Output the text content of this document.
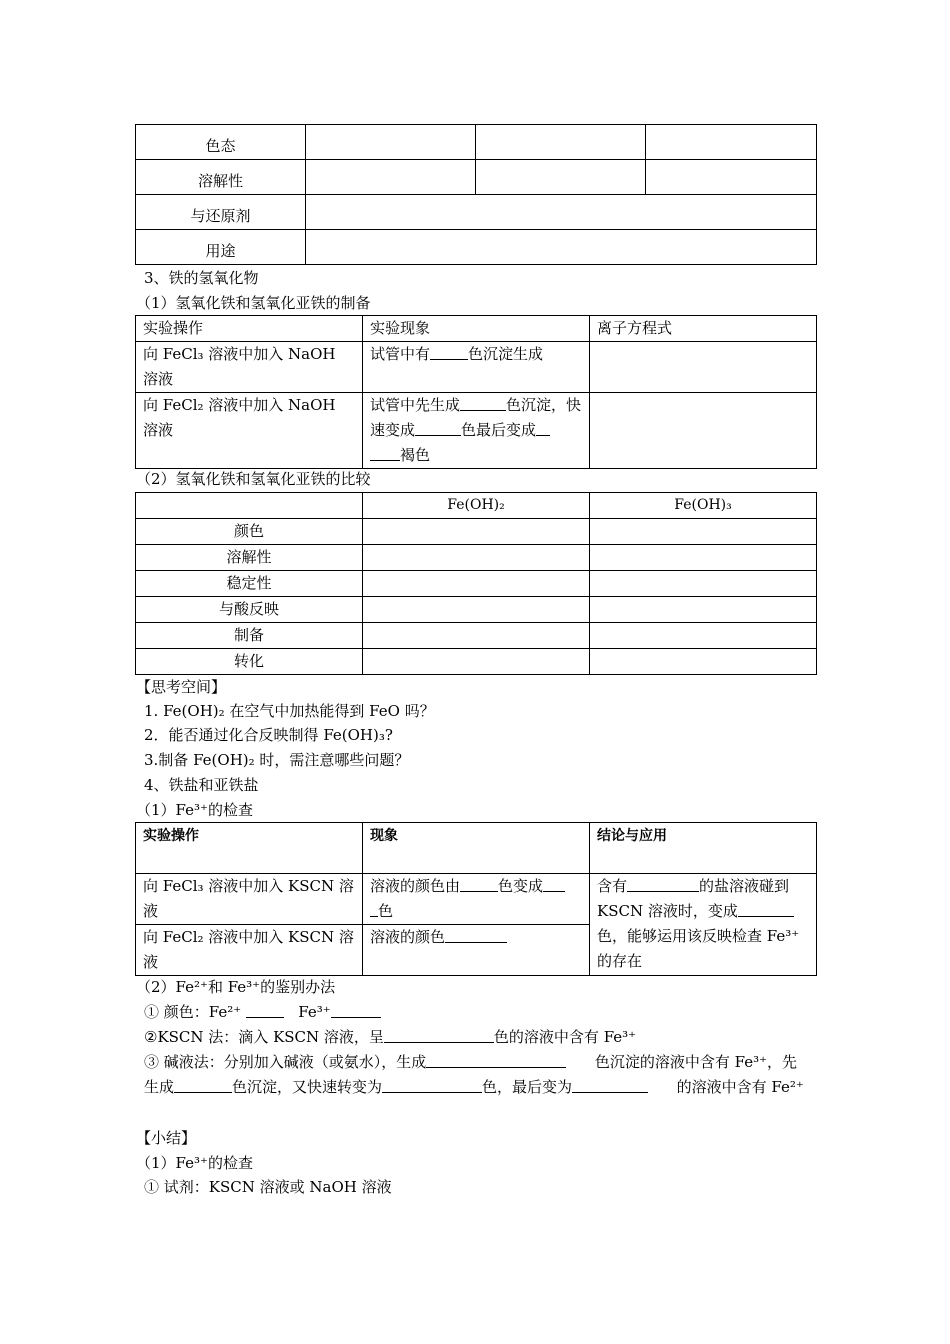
色态			
溶解性			
与还原剂			
用途			
3、铁的氢氧化物
（1）氢氧化铁和氢氧化亚铁的制备
实验操作	实验现象	离子方程式
向 FeCl₃ 溶液中加入 NaOH 溶液	试管中有 色沉淀生成	
向 FeCl₂ 溶液中加入 NaOH 溶液	试管中先生成 色沉淀，快速变成 色最后变成
褐色	
（2）氢氧化铁和氢氧化亚铁的比较
	Fe(OH)₂	Fe(OH)₃
颜色		
溶解性		
稳定性		
与酸反映		
制备		
转化		
【思考空间】
1. Fe(OH)₂ 在空气中加热能得到 FeO 吗？
2．能否通过化合反映制得 Fe(OH)₃?
3.制备 Fe(OH)₂ 时，需注意哪些问题？
4、铁盐和亚铁盐
（1）Fe³⁺的检查
实验操作	现象	结论与应用
向 FeCl₃ 溶液中加入 KSCN 溶液	溶液的颜色由 色变成
色	含有 的盐溶液碰到 KSCN 溶液时，变成色，能够运用该反映检查 Fe³⁺的存在
向 FeCl₂ 溶液中加入 KSCN 溶液	溶液的颜色	
（2）Fe²⁺和 Fe³⁺的鉴别办法
① 颜色：Fe²⁺	Fe³⁺
②KSCN 法：滴入 KSCN 溶液，呈	色的溶液中含有 Fe³⁺
③ 碱液法：分别加入碱液（或氨水），生成	色沉淀的溶液中含有 Fe³⁺，先生成	色沉淀，又快速转变为	色，最后变为	的溶液中含有 Fe²⁺
【小结】
（1）Fe³⁺的检查
① 试剂：KSCN 溶液或 NaOH 溶液
